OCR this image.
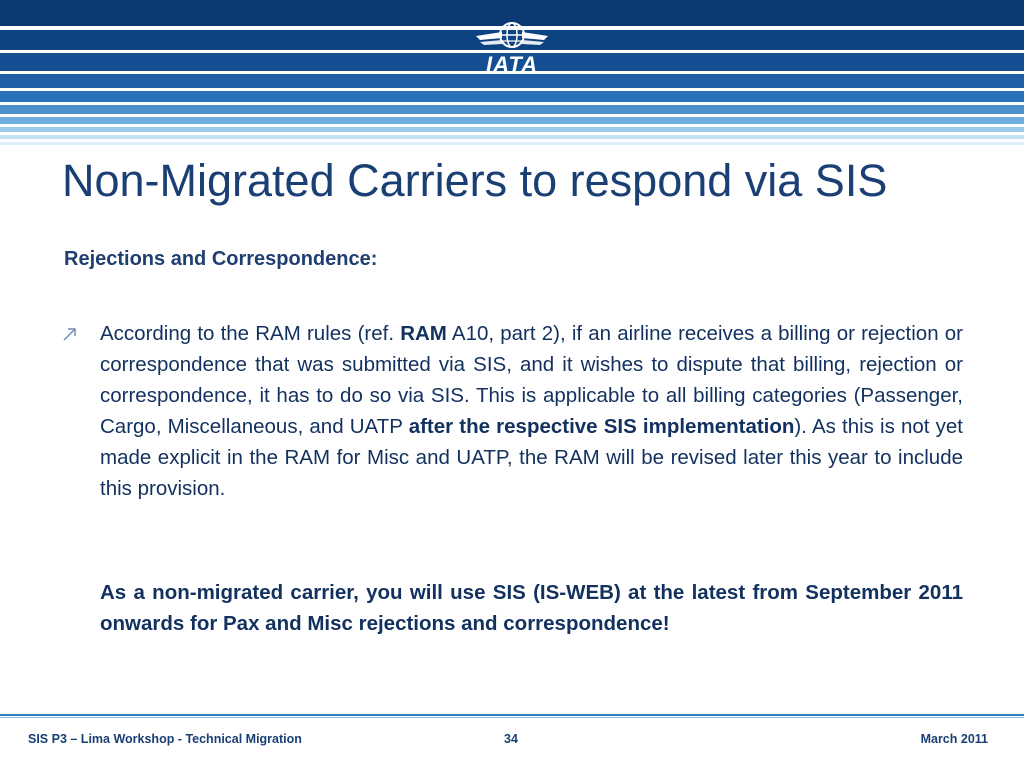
IATA
Non-Migrated Carriers to respond via SIS
Rejections and Correspondence:
According to the RAM rules (ref. RAM A10, part 2), if an airline receives a billing or rejection or correspondence that was submitted via SIS, and it wishes to dispute that billing, rejection or correspondence, it has to do so via SIS. This is applicable to all billing categories (Passenger, Cargo, Miscellaneous, and UATP after the respective SIS implementation). As this is not yet made explicit in the RAM for Misc and UATP, the RAM will be revised later this year to include this provision.
As a non-migrated carrier, you will use SIS (IS-WEB) at the latest from September 2011 onwards for Pax and Misc rejections and correspondence!
SIS P3 – Lima Workshop - Technical Migration	34	March 2011
